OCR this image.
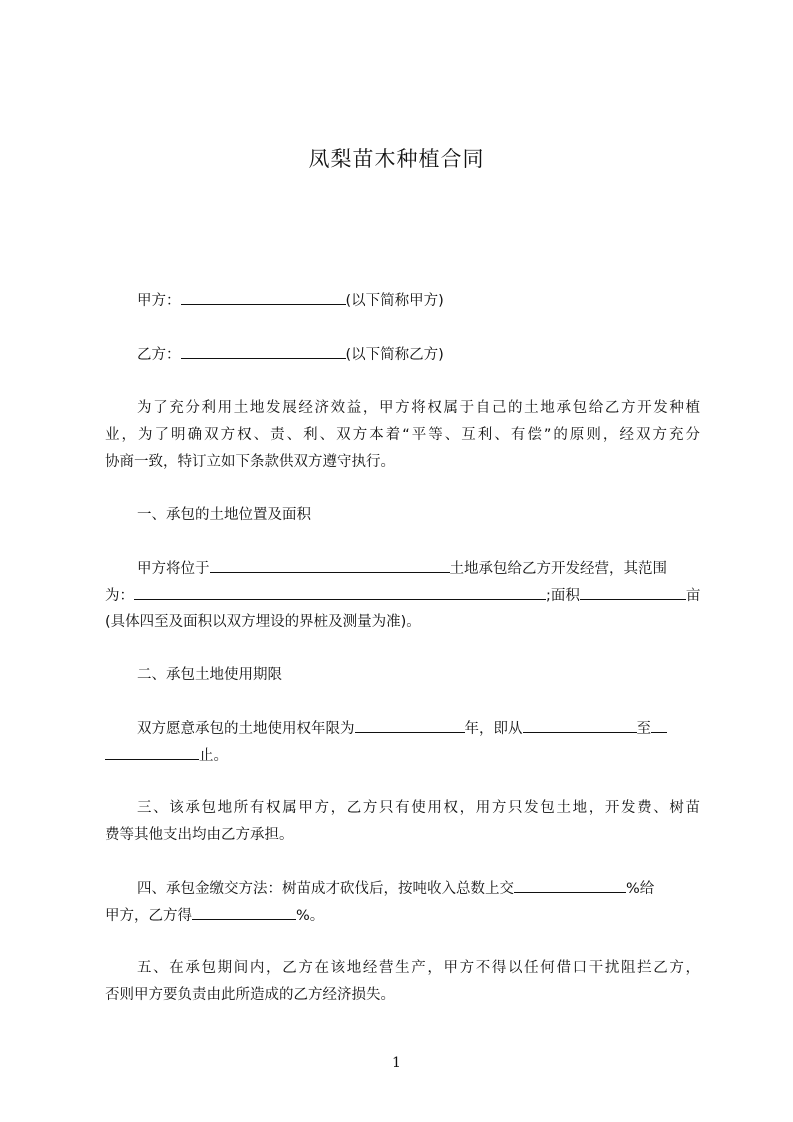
凤梨苗木种植合同
甲方：	(以下简称甲方)
乙方：	(以下简称乙方)
为了充分利用土地发展经济效益，甲方将权属于自己的土地承包给乙方开发种植
业，为了明确双方权、责、利、双方本着“平等、互利、有偿”的原则，经双方充分
协商一致，特订立如下条款供双方遵守执行。
一、承包的土地位置及面积
甲方将位于	土地承包给乙方开发经营，其范围
为：	;面积	亩
(具体四至及面积以双方埋设的界桩及测量为准)。
二、承包土地使用期限
双方愿意承包的土地使用权年限为	年，即从	至
止。
三、该承包地所有权属甲方，乙方只有使用权，用方只发包土地，开发费、树苗
费等其他支出均由乙方承担。
四、承包金缴交方法：树苗成才砍伐后，按吨收入总数上交	%给
甲方，乙方得	%。
五、在承包期间内，乙方在该地经营生产，甲方不得以任何借口干扰阻拦乙方，
否则甲方要负责由此所造成的乙方经济损失。
1
